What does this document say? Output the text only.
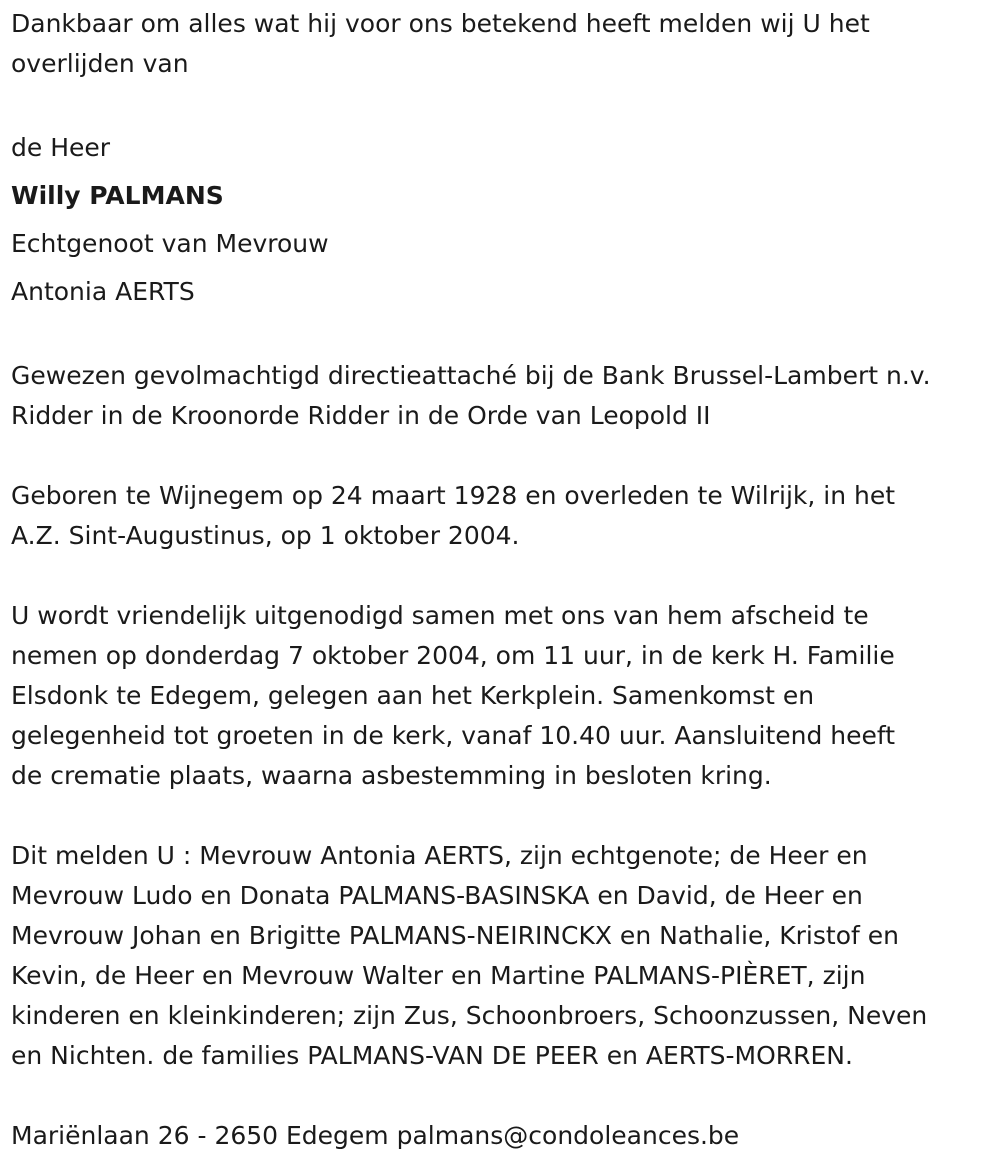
Dankbaar om alles wat hij voor ons betekend heeft melden wij U het
overlijden van

de Heer

Willy PALMANS

Echtgenoot van Mevrouw

Antonia AERTS

Gewezen gevolmachtigd directieattaché bij de Bank Brussel-Lambert n.v.
Ridder in de Kroonorde Ridder in de Orde van Leopold II

Geboren te Wijnegem op 24 maart 1928 en overleden te Wilrijk, in het
A.Z. Sint-Augustinus, op 1 oktober 2004.

U wordt vriendelijk uitgenodigd samen met ons van hem afscheid te
nemen op donderdag 7 oktober 2004, om 11 uur, in de kerk H. Familie
Elsdonk te Edegem, gelegen aan het Kerkplein. Samenkomst en
gelegenheid tot groeten in de kerk, vanaf 10.40 uur. Aansluitend heeft
de crematie plaats, waarna asbestemming in besloten kring.

Dit melden U : Mevrouw Antonia AERTS, zijn echtgenote; de Heer en
Mevrouw Ludo en Donata PALMANS-BASINSKA en David, de Heer en
Mevrouw Johan en Brigitte PALMANS-NEIRINCKX en Nathalie, Kristof en
Kevin, de Heer en Mevrouw Walter en Martine PALMANS-PIÈRET, zijn
kinderen en kleinkinderen; zijn Zus, Schoonbroers, Schoonzussen, Neven
en Nichten. de families PALMANS-VAN DE PEER en AERTS-MORREN.

Mariënlaan 26 - 2650 Edegem palmans@condoleances.be
